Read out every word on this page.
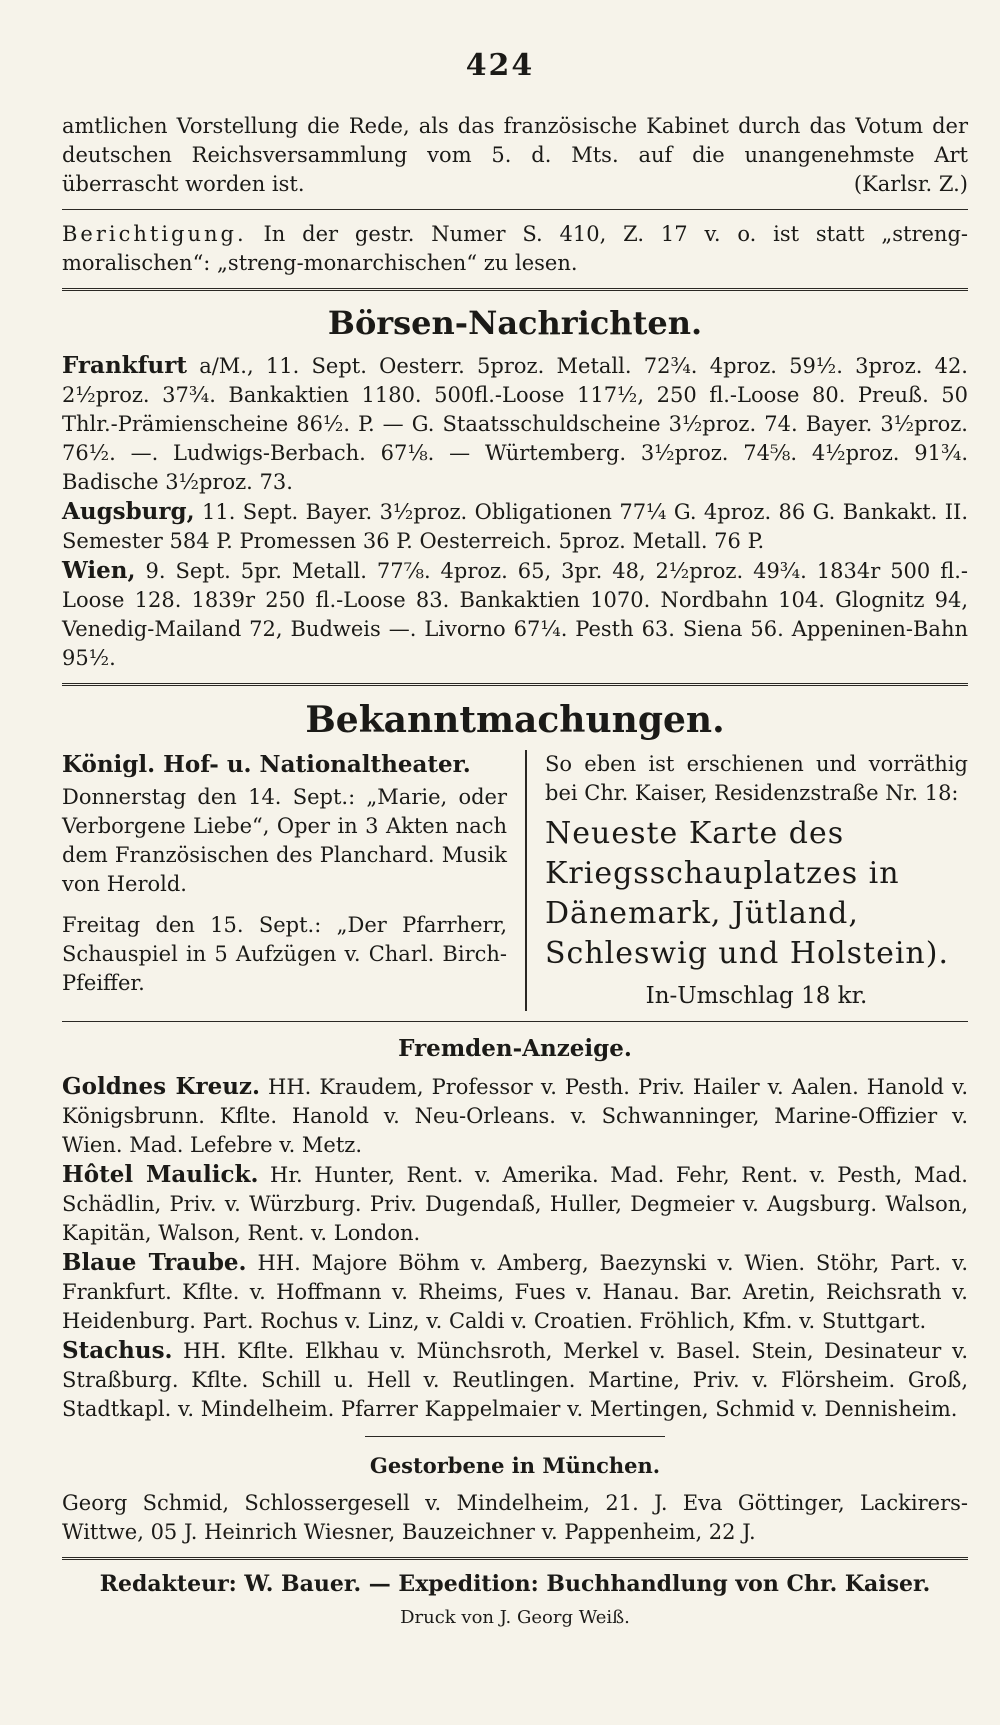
424

amtlichen Vorstellung die Rede, als das französische Kabinet durch das Votum der deutschen Reichsversammlung vom 5. d. Mts. auf die unangenehmste Art überrascht worden ist.	(Karlsr. Z.)

Berichtigung. In der gestr. Numer S. 410, Z. 17 v. o. ist statt „streng-moralischen“: „streng-monarchischen“ zu lesen.

Börsen-Nachrichten.

Frankfurt a/M., 11. Sept. Oesterr. 5proz. Metall. 72¾. 4proz. 59½. 3proz. 42. 2½proz. 37¾. Bankaktien 1180. 500fl.-Loose 117½, 250 fl.-Loose 80. Preuß. 50 Thlr.-Prämienscheine 86½. P. — G. Staatsschuldscheine 3½proz. 74. Bayer. 3½proz. 76½. —. Ludwigs-Berbach. 67⅛. — Würtemberg. 3½proz. 74⅝. 4½proz. 91¾. Badische 3½proz. 73.

Augsburg, 11. Sept. Bayer. 3½proz. Obligationen 77¼ G. 4proz. 86 G. Bankakt. II. Semester 584 P. Promessen 36 P. Oesterreich. 5proz. Metall. 76 P.

Wien, 9. Sept. 5pr. Metall. 77⅞. 4proz. 65, 3pr. 48, 2½proz. 49¾. 1834r 500 fl.-Loose 128. 1839r 250 fl.-Loose 83. Bankaktien 1070. Nordbahn 104. Glognitz 94, Venedig-Mailand 72, Budweis —. Livorno 67¼. Pesth 63. Siena 56. Appeninen-Bahn 95½.

Bekanntmachungen.
Königl. Hof- u. Nationaltheater.

Donnerstag den 14. Sept.: „Marie, oder Verborgene Liebe“, Oper in 3 Akten nach dem Französischen des Planchard. Musik von Herold.

Freitag den 15. Sept.: „Der Pfarrherr, Schauspiel in 5 Aufzügen v. Charl. Birch-Pfeiffer.

So eben ist erschienen und vorräthig bei Chr. Kaiser, Residenzstraße Nr. 18:

Neueste Karte des Kriegsschauplatzes in Dänemark, Jütland, Schleswig und Holstein).

In-Umschlag 18 kr.

Fremden-Anzeige.

Goldnes Kreuz. HH. Kraudem, Professor v. Pesth. Priv. Hailer v. Aalen. Hanold v. Königsbrunn. Kfltе. Hanold v. Neu-Orleans. v. Schwanninger, Marine-Offizier v. Wien. Mad. Lefebre v. Metz.

Hôtel Maulick. Hr. Hunter, Rent. v. Amerika. Mad. Fehr, Rent. v. Pesth, Mad. Schädlin, Priv. v. Würzburg. Priv. Dugendaß, Huller, Degmeier v. Augsburg. Walson, Kapitän, Walson, Rent. v. London.

Blaue Traube. HH. Majore Böhm v. Amberg, Baezynski v. Wien. Stöhr, Part. v. Frankfurt. Kflte. v. Hoffmann v. Rheims, Fues v. Hanau. Bar. Aretin, Reichsrath v. Heidenburg. Part. Rochus v. Linz, v. Caldi v. Croatien. Fröhlich, Kfm. v. Stuttgart.

Stachus. HH. Kflte. Elkhau v. Münchsroth, Merkel v. Basel. Stein, Desinateur v. Straßburg. Kflte. Schill u. Hell v. Reutlingen. Martine, Priv. v. Flörsheim. Groß, Stadtkapl. v. Mindelheim. Pfarrer Kappelmaier v. Mertingen, Schmid v. Dennisheim.

Gestorbene in München.

Georg Schmid, Schlossergesell v. Mindelheim, 21. J. Eva Göttinger, Lackirers-Wittwe, 05 J. Heinrich Wiesner, Bauzeichner v. Pappenheim, 22 J.

Redakteur: W. Bauer. — Expedition: Buchhandlung von Chr. Kaiser.
Druck von J. Georg Weiß.
